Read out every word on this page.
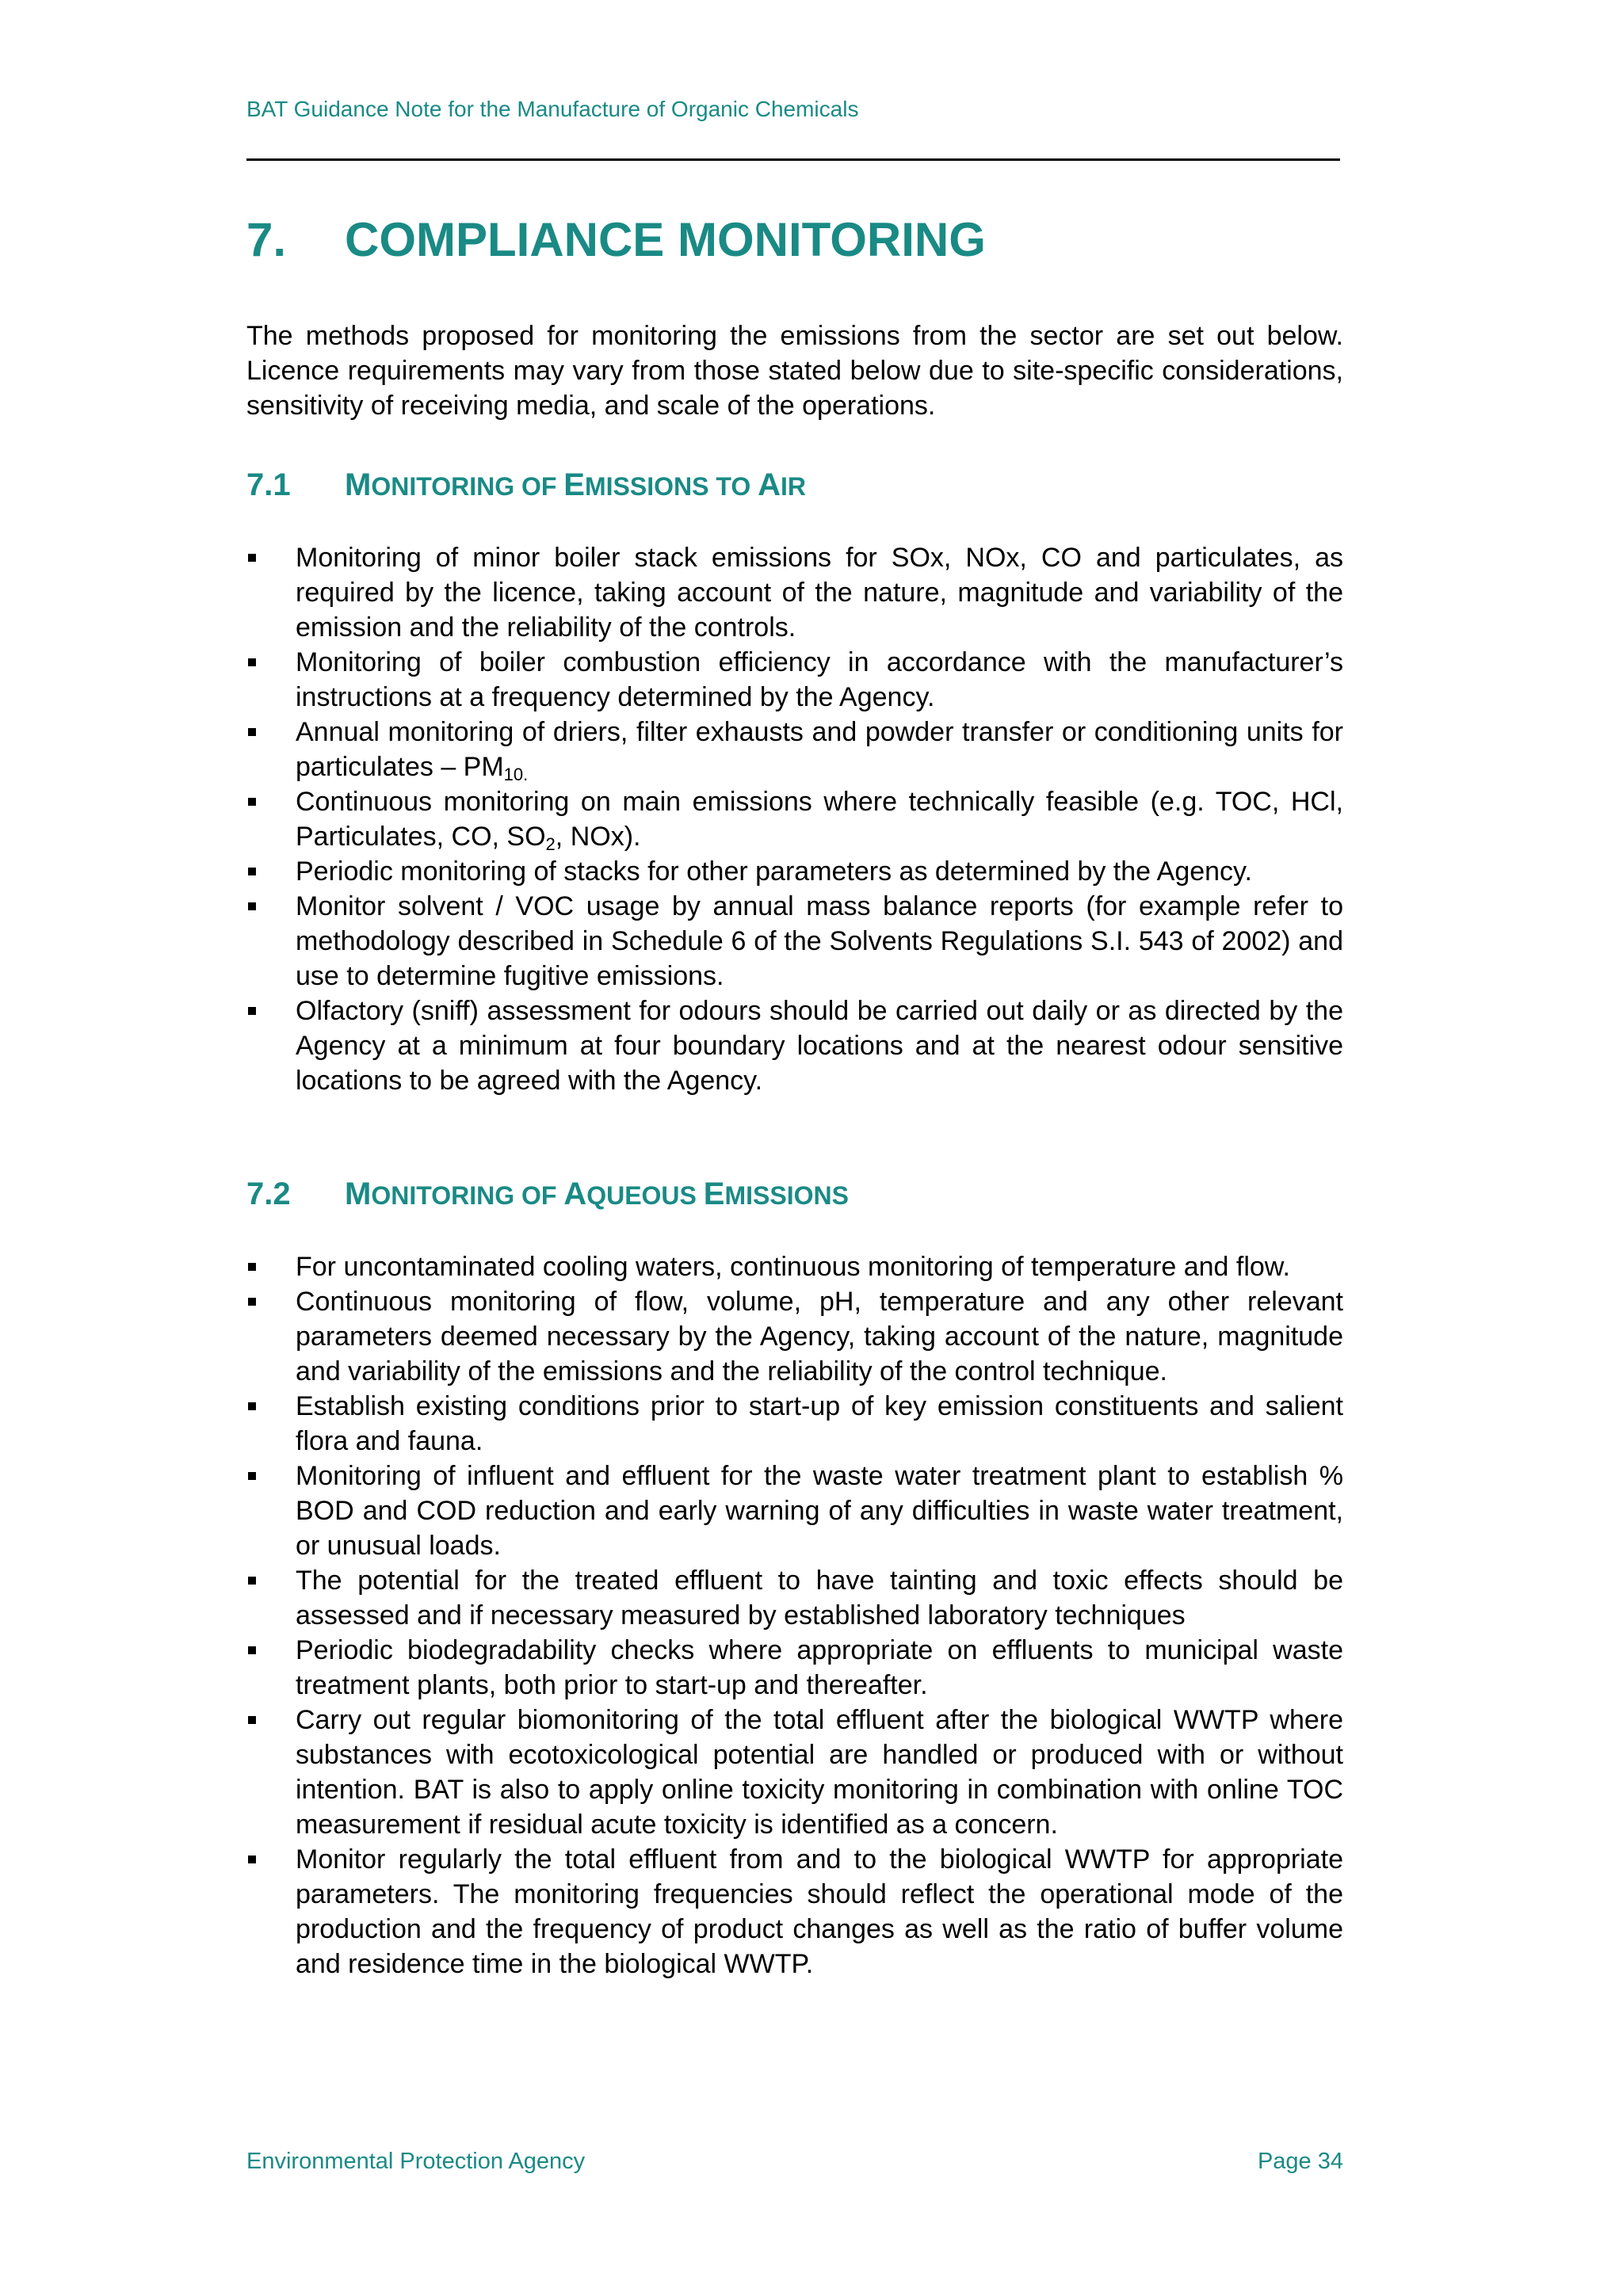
BAT Guidance Note for the Manufacture of Organic Chemicals
7. COMPLIANCE MONITORING

The methods proposed for monitoring the emissions from the sector are set out below. Licence requirements may vary from those stated below due to site-specific considerations, sensitivity of receiving media, and scale of the operations.

7.1 MONITORING OF EMISSIONS TO AIR
Monitoring of minor boiler stack emissions for SOx, NOx, CO and particulates, as required by the licence, taking account of the nature, magnitude and variability of the emission and the reliability of the controls.
Monitoring of boiler combustion efficiency in accordance with the manufacturer’s instructions at a frequency determined by the Agency.
Annual monitoring of driers, filter exhausts and powder transfer or conditioning units for particulates – $PM_{10.}$
Continuous monitoring on main emissions where technically feasible (e.g. TOC, HCl, Particulates, CO, $SO_2$, NOx).
Periodic monitoring of stacks for other parameters as determined by the Agency.
Monitor solvent / VOC usage by annual mass balance reports (for example refer to methodology described in Schedule 6 of the Solvents Regulations S.I. 543 of 2002) and use to determine fugitive emissions.
Olfactory (sniff) assessment for odours should be carried out daily or as directed by the Agency at a minimum at four boundary locations and at the nearest odour sensitive locations to be agreed with the Agency.
7.2 MONITORING OF AQUEOUS EMISSIONS
For uncontaminated cooling waters, continuous monitoring of temperature and flow.
Continuous monitoring of flow, volume, pH, temperature and any other relevant parameters deemed necessary by the Agency, taking account of the nature, magnitude and variability of the emissions and the reliability of the control technique.
Establish existing conditions prior to start-up of key emission constituents and salient flora and fauna.
Monitoring of influent and effluent for the waste water treatment plant to establish % BOD and COD reduction and early warning of any difficulties in waste water treatment, or unusual loads.
The potential for the treated effluent to have tainting and toxic effects should be assessed and if necessary measured by established laboratory techniques
Periodic biodegradability checks where appropriate on effluents to municipal waste treatment plants, both prior to start-up and thereafter.
Carry out regular biomonitoring of the total effluent after the biological WWTP where substances with ecotoxicological potential are handled or produced with or without intention. BAT is also to apply online toxicity monitoring in combination with online TOC measurement if residual acute toxicity is identified as a concern.
Monitor regularly the total effluent from and to the biological WWTP for appropriate parameters. The monitoring frequencies should reflect the operational mode of the production and the frequency of product changes as well as the ratio of buffer volume and residence time in the biological WWTP.
Environmental Protection Agency	Page 34
